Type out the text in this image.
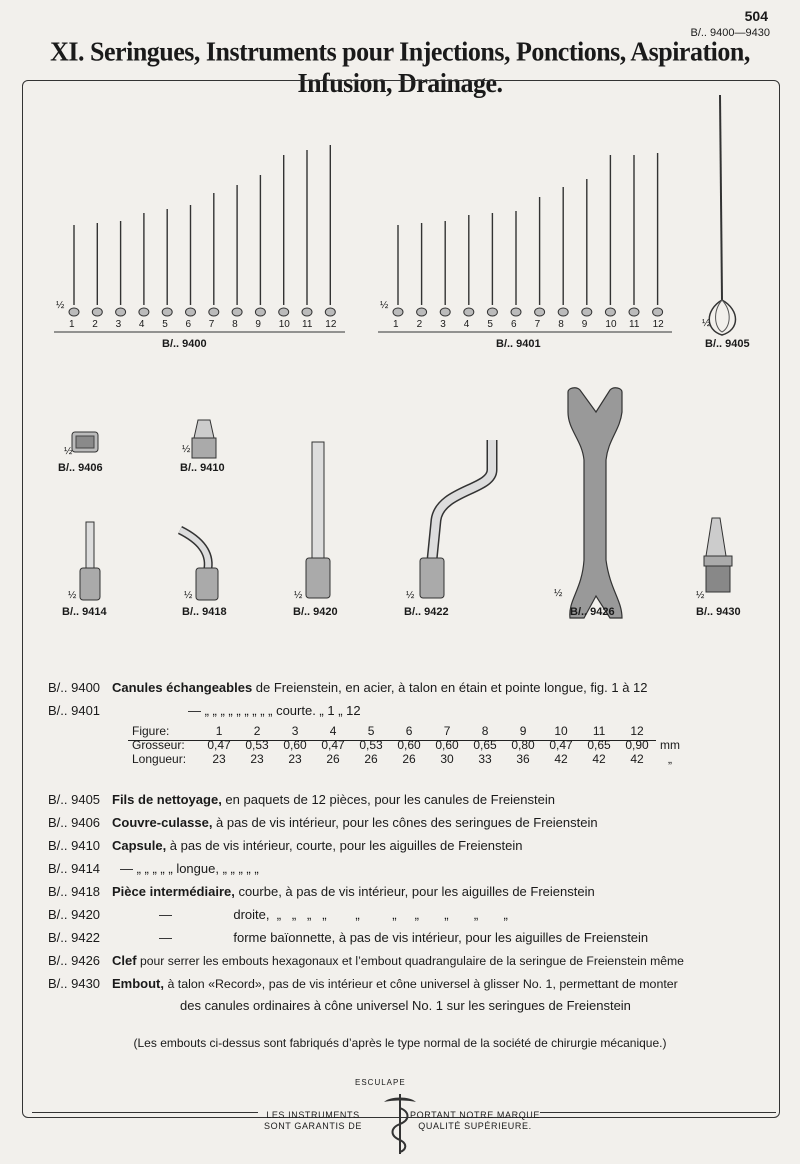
504
B/.. 9400—9430
XI. Seringues, Instruments pour Injections, Ponctions, Aspiration, Infusion, Drainage.
B/.. 9400	B/.. 9401	B/.. 9405
B/.. 9406	B/.. 9410
B/.. 9414	B/.. 9418	B/.. 9420	B/.. 9422	B/.. 9426	B/.. 9430
½	½
½
½	½
½	½	½	½	½	½
1 2 3 4 5 6 7 8 9 10 11 12	1 2 3 4 5 6 7 8 9 10 11 12
B/.. 9400 Canules échangeables de Freienstein, en acier, à talon en étain et pointe longue, fig. 1 à 12
B/.. 9401	— „ „ „ „ „ „ „ „ „ courte. „ 1 „ 12
Figure:	1	2	3	4	5	6	7	8	9	10	11	12	
Grosseur:	0,47	0,53	0,60	0,47	0,53	0,60	0,60	0,65	0,80	0,47	0,65	0,90	mm
Longueur:	23	23	23	26	26	26	30	33	36	42	42	42	„
B/.. 9405 Fils de nettoyage, en paquets de 12 pièces, pour les canules de Freienstein
B/.. 9406 Couvre-culasse, à pas de vis intérieur, pour les cônes des seringues de Freienstein
B/.. 9410 Capsule, à pas de vis intérieur, courte, pour les aiguilles de Freienstein
B/.. 9414 — „ „ „ „ „ longue, „ „ „ „ „
B/.. 9418 Pièce intermédiaire, courbe, à pas de vis intérieur, pour les aiguilles de Freienstein
B/.. 9420             —                 droite,  „   „   „   „        „         „     „       „       „       „
B/.. 9422             —                 forme baïonnette, à pas de vis intérieur, pour les aiguilles de Freienstein
B/.. 9426 Clef pour serrer les embouts hexagonaux et l’embout quadrangulaire de la seringue de Freienstein même
B/.. 9430 Embout, à talon «Record», pas de vis intérieur et cône universel à glisser No. 1, permettant de monter
des canules ordinaires à cône universel No. 1 sur les seringues de Freienstein
(Les embouts ci-dessus sont fabriqués d’après le type normal de la société de chirurgie mécanique.)
ESCULAPE
LES INSTRUMENTS
SONT GARANTIS DE
PORTANT NOTRE MARQUE
QUALITÉ SUPÉRIEURE.
